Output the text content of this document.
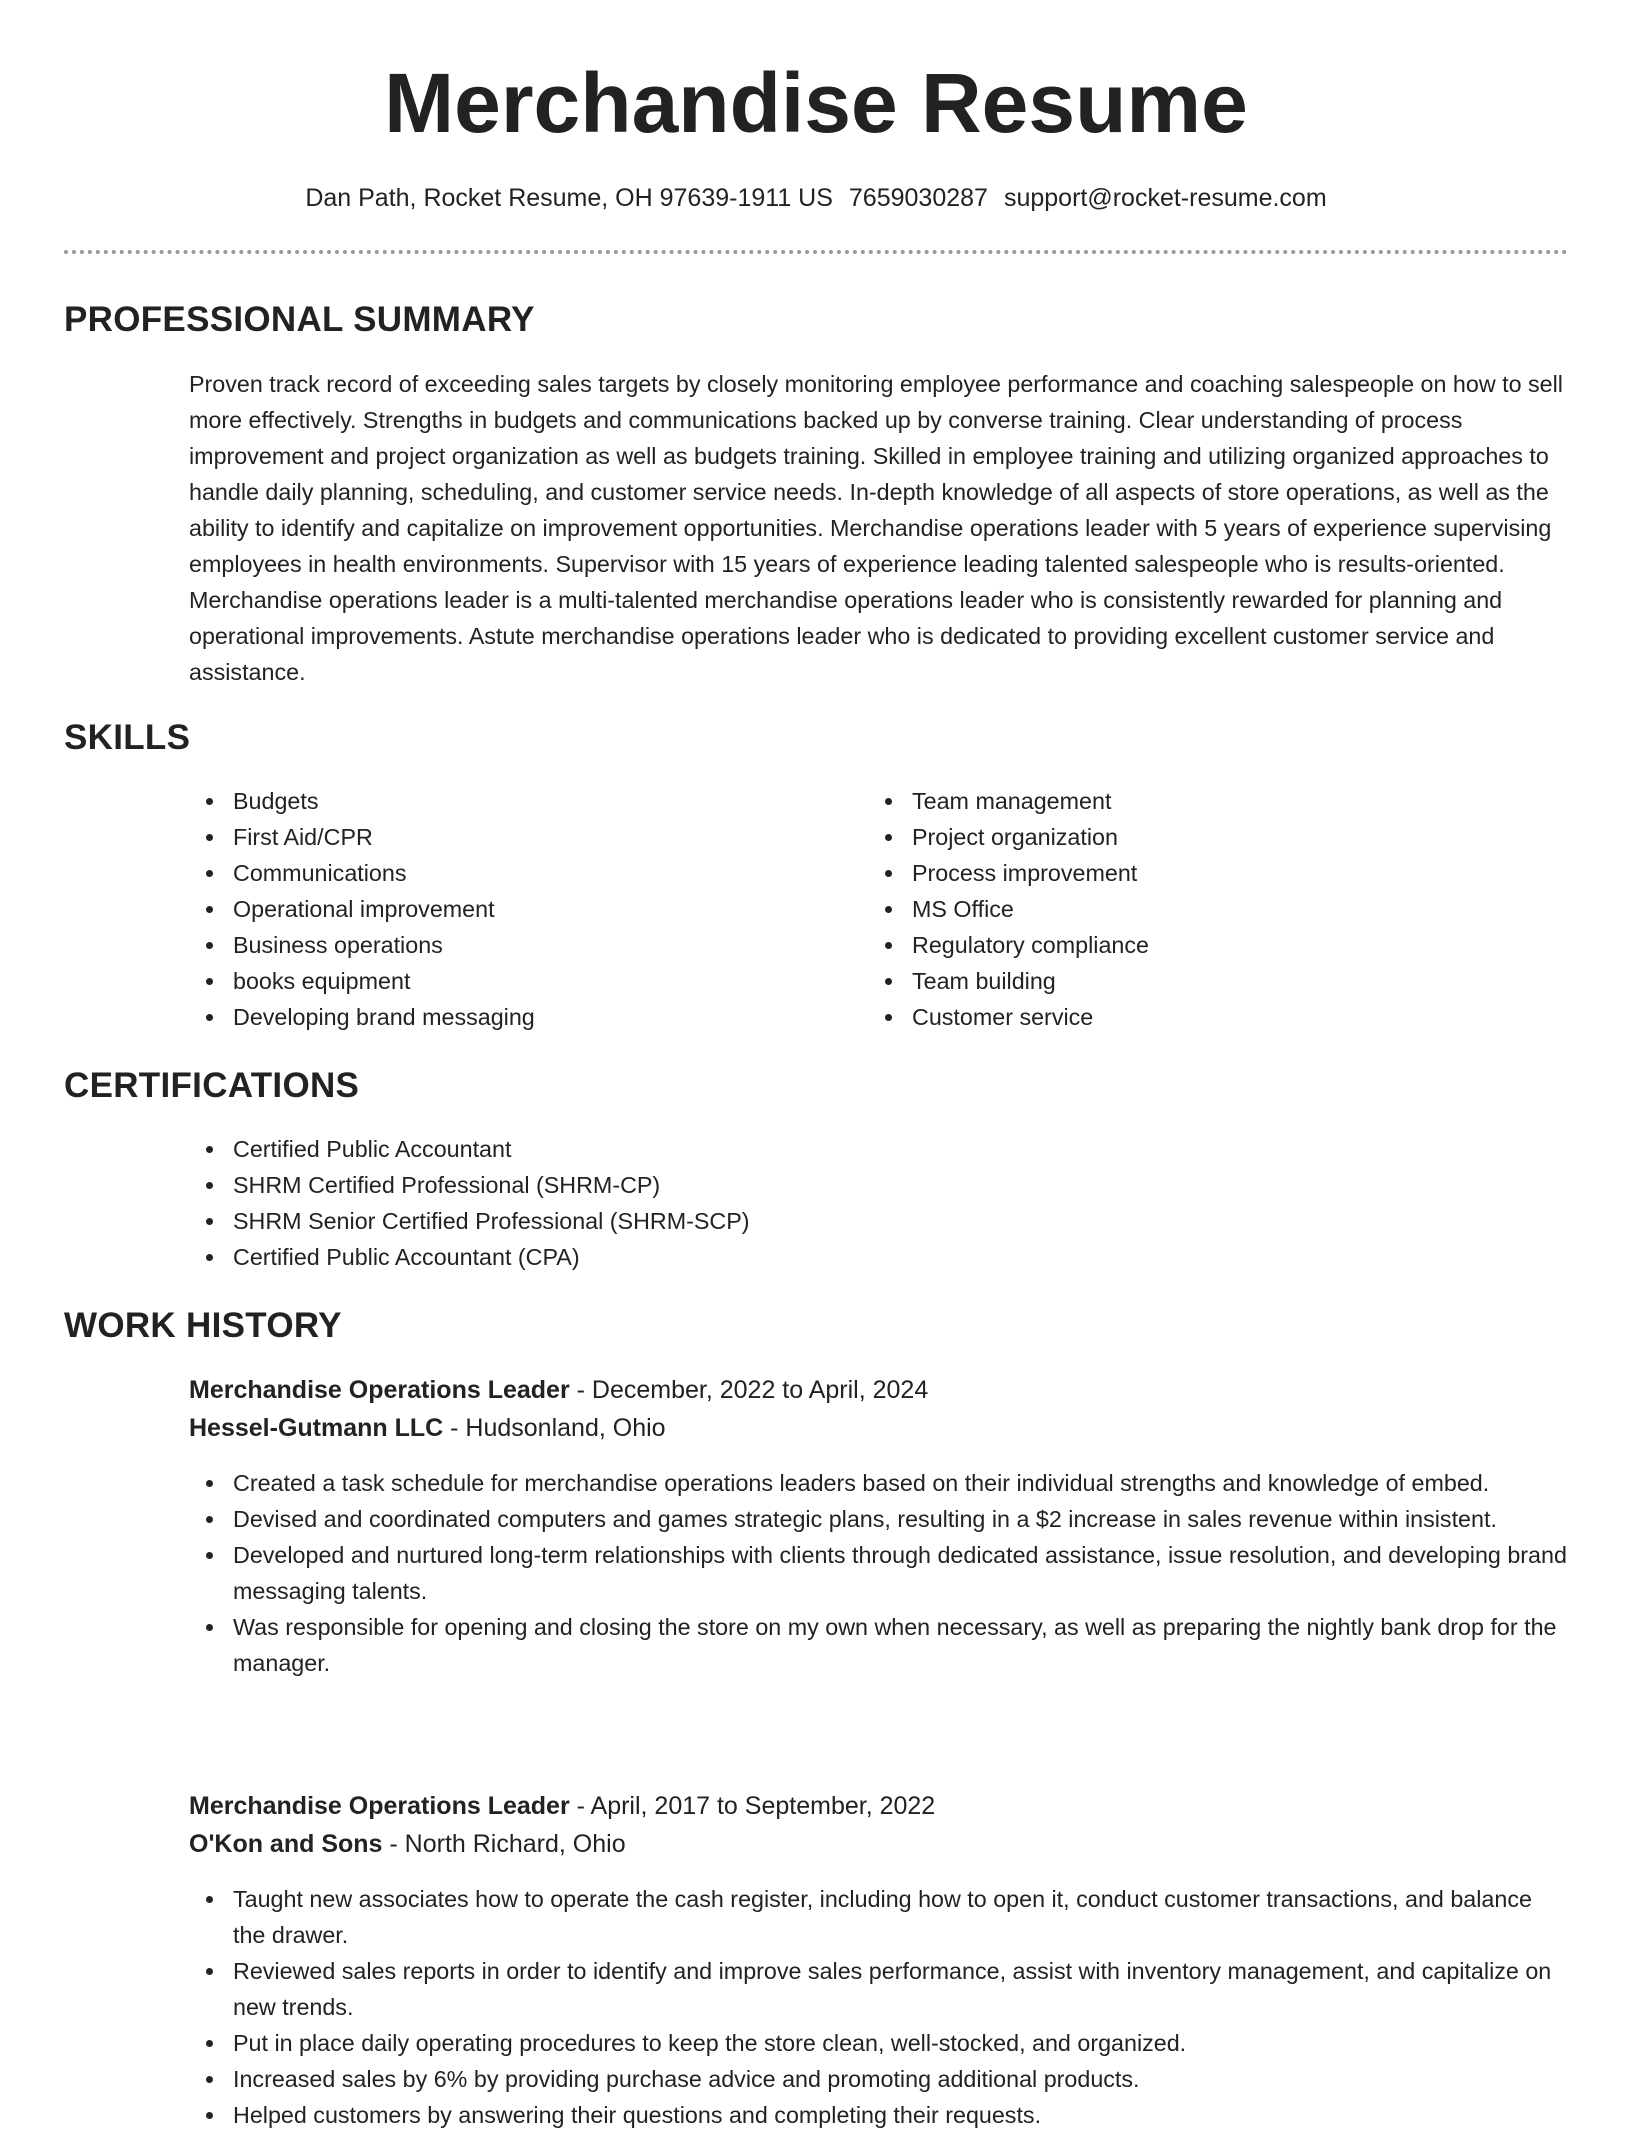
Merchandise Resume
Dan Path, Rocket Resume, OH 97639-1911 US 7659030287 support@rocket-resume.com
PROFESSIONAL SUMMARY

Proven track record of exceeding sales targets by closely monitoring employee performance and coaching salespeople on how to sell more effectively. Strengths in budgets and communications backed up by converse training. Clear understanding of process improvement and project organization as well as budgets training. Skilled in employee training and utilizing organized approaches to handle daily planning, scheduling, and customer service needs. In-depth knowledge of all aspects of store operations, as well as the ability to identify and capitalize on improvement opportunities. Merchandise operations leader with 5 years of experience supervising employees in health environments. Supervisor with 15 years of experience leading talented salespeople who is results-oriented. Merchandise operations leader is a multi-talented merchandise operations leader who is consistently rewarded for planning and operational improvements. Astute merchandise operations leader who is dedicated to providing excellent customer service and assistance.

SKILLS
Budgets
First Aid/CPR
Communications
Operational improvement
Business operations
books equipment
Developing brand messaging
Team management
Project organization
Process improvement
MS Office
Regulatory compliance
Team building
Customer service
CERTIFICATIONS
Certified Public Accountant
SHRM Certified Professional (SHRM-CP)
SHRM Senior Certified Professional (SHRM-SCP)
Certified Public Accountant (CPA)
WORK HISTORY
Merchandise Operations Leader - December, 2022 to April, 2024
Hessel-Gutmann LLC - Hudsonland, Ohio
Created a task schedule for merchandise operations leaders based on their individual strengths and knowledge of embed.
Devised and coordinated computers and games strategic plans, resulting in a $2 increase in sales revenue within insistent.
Developed and nurtured long-term relationships with clients through dedicated assistance, issue resolution, and developing brand messaging talents.
Was responsible for opening and closing the store on my own when necessary, as well as preparing the nightly bank drop for the manager.
Merchandise Operations Leader - April, 2017 to September, 2022
O'Kon and Sons - North Richard, Ohio
Taught new associates how to operate the cash register, including how to open it, conduct customer transactions, and balance the drawer.
Reviewed sales reports in order to identify and improve sales performance, assist with inventory management, and capitalize on new trends.
Put in place daily operating procedures to keep the store clean, well-stocked, and organized.
Increased sales by 6% by providing purchase advice and promoting additional products.
Helped customers by answering their questions and completing their requests.
